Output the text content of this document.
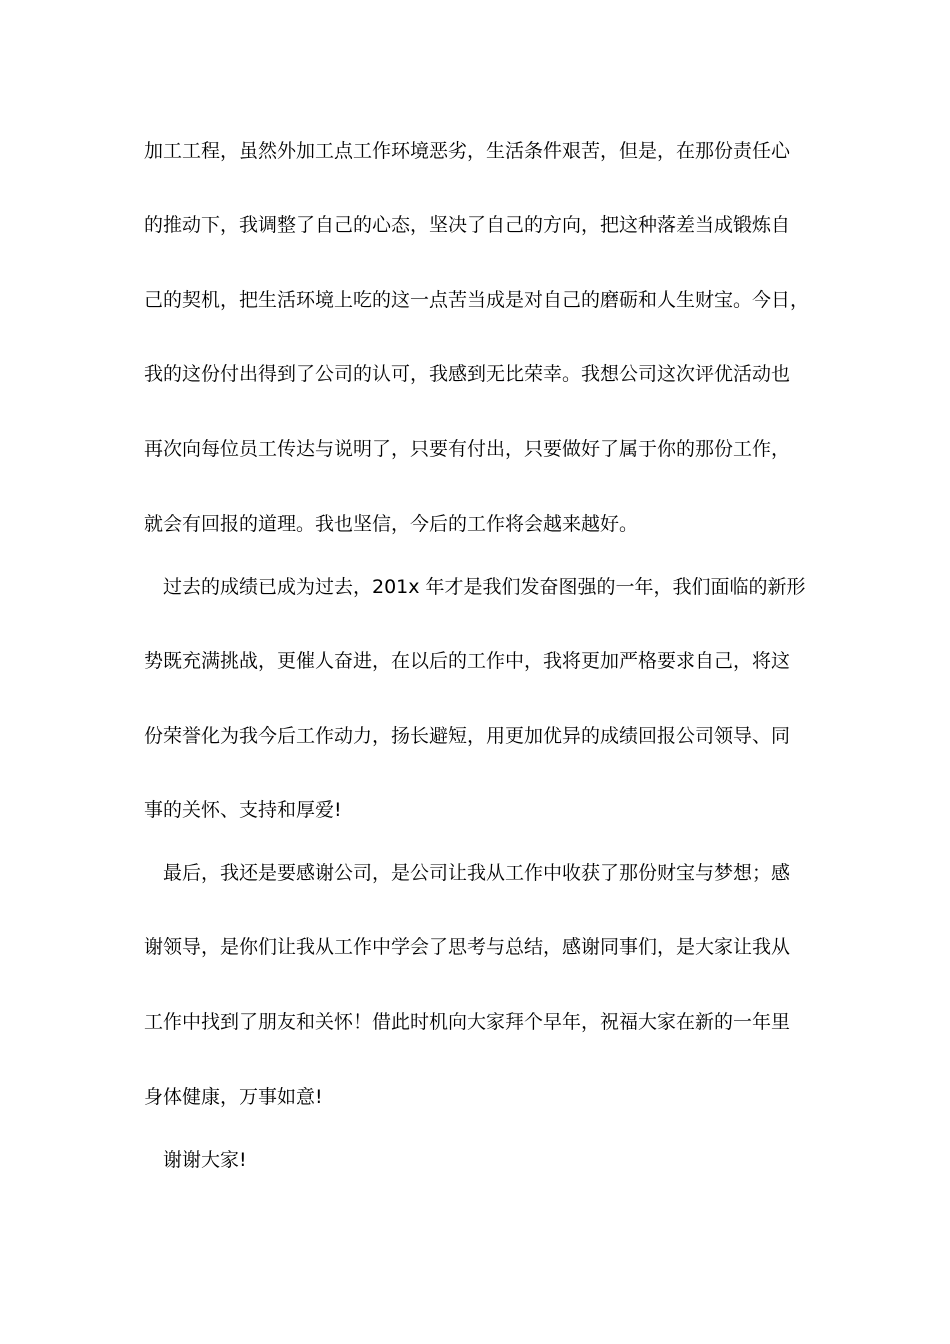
加工工程，虽然外加工点工作环境恶劣，生活条件艰苦，但是，在那份责任心
的推动下，我调整了自己的心态，坚决了自己的方向，把这种落差当成锻炼自
己的契机，把生活环境上吃的这一点苦当成是对自己的磨砺和人生财宝。今日，
我的这份付出得到了公司的认可，我感到无比荣幸。我想公司这次评优活动也
再次向每位员工传达与说明了，只要有付出，只要做好了属于你的那份工作，
就会有回报的道理。我也坚信，今后的工作将会越来越好。
过去的成绩已成为过去，201x 年才是我们发奋图强的一年，我们面临的新形
势既充满挑战，更催人奋进，在以后的工作中，我将更加严格要求自己，将这
份荣誉化为我今后工作动力，扬长避短，用更加优异的成绩回报公司领导、同
事的关怀、支持和厚爱!
最后，我还是要感谢公司，是公司让我从工作中收获了那份财宝与梦想；感
谢领导，是你们让我从工作中学会了思考与总结，感谢同事们，是大家让我从
工作中找到了朋友和关怀！借此时机向大家拜个早年，祝福大家在新的一年里
身体健康，万事如意!
谢谢大家!
